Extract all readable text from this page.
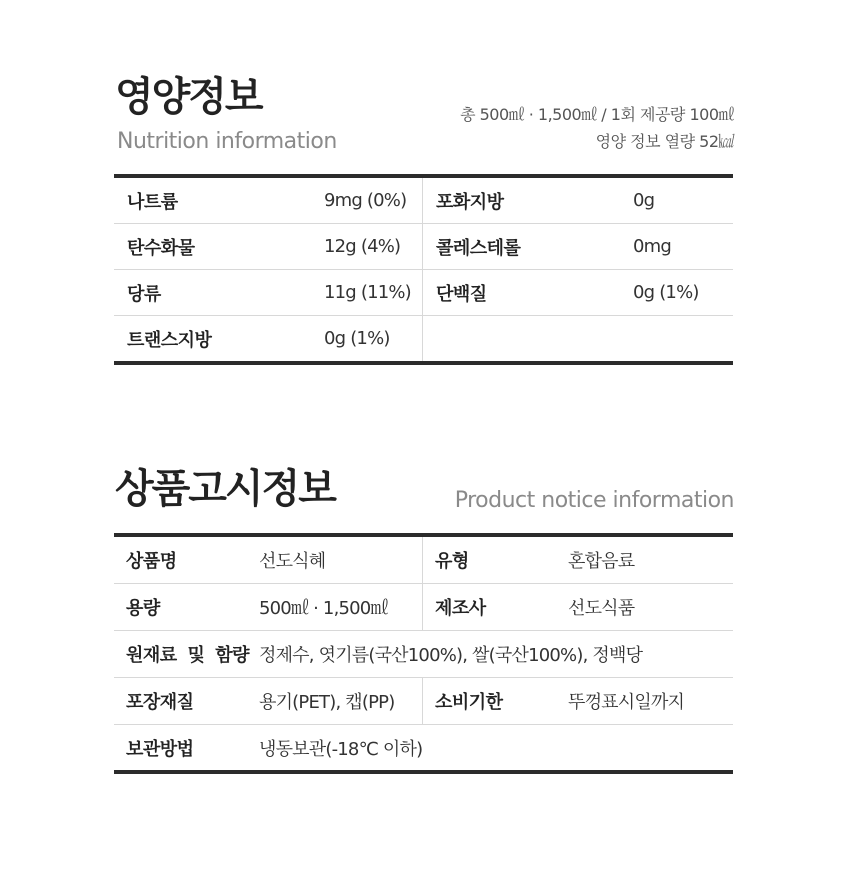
영양정보
Nutrition information
총 500㎖ · 1,500㎖ / 1회 제공량 100㎖
영양 정보 열량 52㎉
나트륨	9mg (0%) 포화지방	0g
탄수화물	12g (4%) 콜레스테롤	0mg
당류	11g (11%) 단백질	0g (1%)
트랜스지방	0g (1%)
상품고시정보	Product notice information
상품명	선도식혜	유형	혼합음료
용량	500㎖ · 1,500㎖	제조사	선도식품
원재료 및 함량 정제수, 엿기름(국산100%), 쌀(국산100%), 정백당
포장재질	용기(PET), 캡(PP) 소비기한	뚜껑표시일까지
보관방법	냉동보관(-18℃ 이하)
